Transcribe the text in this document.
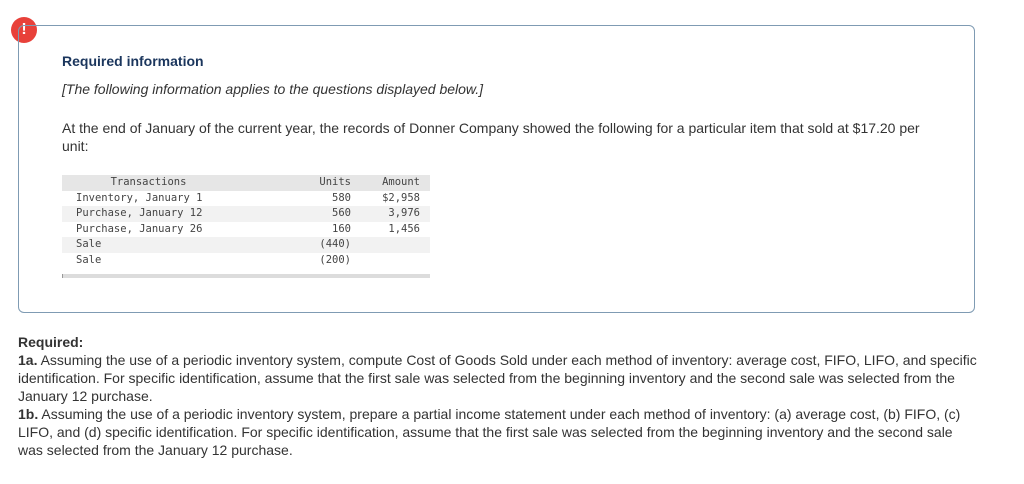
!
Required information
[The following information applies to the questions displayed below.]
At the end of January of the current year, the records of Donner Company showed the following for a particular item that sold at $17.20 per unit:
Transactions	Units	Amount
Inventory, January 1	580	$2,958
Purchase, January 12	560	3,976
Purchase, January 26	160	1,456
Sale	(440)
Sale	(200)

Required:

1a. Assuming the use of a periodic inventory system, compute Cost of Goods Sold under each method of inventory: average cost, FIFO, LIFO, and specific identification. For specific identification, assume that the first sale was selected from the beginning inventory and the second sale was selected from the January 12 purchase.

1b. Assuming the use of a periodic inventory system, prepare a partial income statement under each method of inventory: (a) average cost, (b) FIFO, (c) LIFO, and (d) specific identification. For specific identification, assume that the first sale was selected from the beginning inventory and the second sale was selected from the January 12 purchase.
